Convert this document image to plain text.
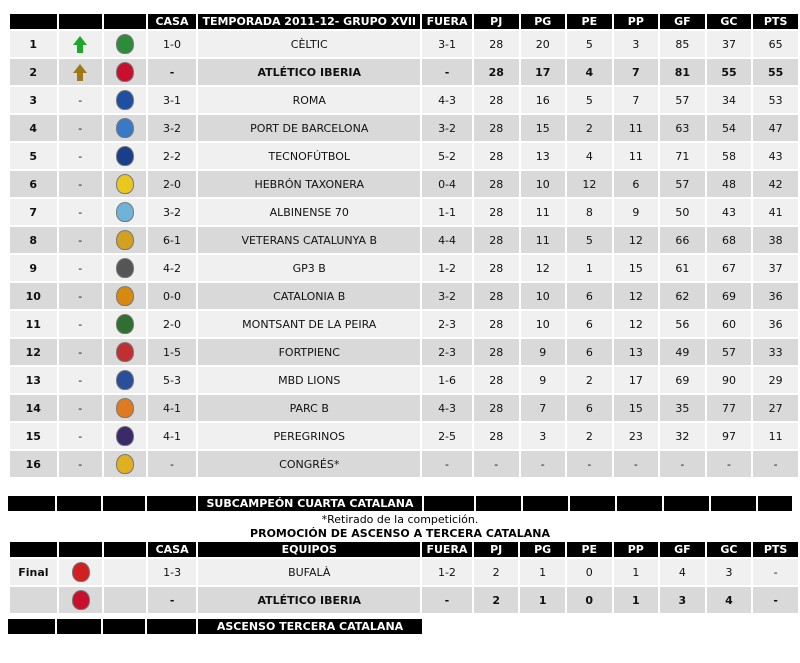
			CASA	TEMPORADA 2011-12- GRUPO XVII	FUERA	PJ	PG	PE	PP	GF	GC	PTS
1			1-0	CÈLTIC	3-1	28	20	5	3	85	37	65
2			-	ATLÉTICO IBERIA	-	28	17	4	7	81	55	55
3	-		3-1	ROMA	4-3	28	16	5	7	57	34	53
4	-		3-2	PORT DE BARCELONA	3-2	28	15	2	11	63	54	47
5	-		2-2	TECNOFÚTBOL	5-2	28	13	4	11	71	58	43
6	-		2-0	HEBRÓN TAXONERA	0-4	28	10	12	6	57	48	42
7	-		3-2	ALBINENSE 70	1-1	28	11	8	9	50	43	41
8	-		6-1	VETERANS CATALUNYA B	4-4	28	11	5	12	66	68	38
9	-		4-2	GP3 B	1-2	28	12	1	15	61	67	37
10	-		0-0	CATALONIA B	3-2	28	10	6	12	62	69	36
11	-		2-0	MONTSANT DE LA PEIRA	2-3	28	10	6	12	56	60	36
12	-		1-5	FORTPIENC	2-3	28	9	6	13	49	57	33
13	-		5-3	MBD LIONS	1-6	28	9	2	17	69	90	29
14	-		4-1	PARC B	4-3	28	7	6	15	35	77	27
15	-		4-1	PEREGRINOS	2-5	28	3	2	23	32	97	11
16	-		-	CONGRÉS*	-	-	-	-	-	-	-	-
SUBCAMPEÓN CUARTA CATALANA
*Retirado de la competición.
PROMOCIÓN DE ASCENSO A TERCERA CATALANA
			CASA	EQUIPOS	FUERA	PJ	PG	PE	PP	GF	GC	PTS
Final			1-3	BUFALÀ	1-2	2	1	0	1	4	3	-
			-	ATLÉTICO IBERIA	-	2	1	0	1	3	4	-
ASCENSO TERCERA CATALANA
